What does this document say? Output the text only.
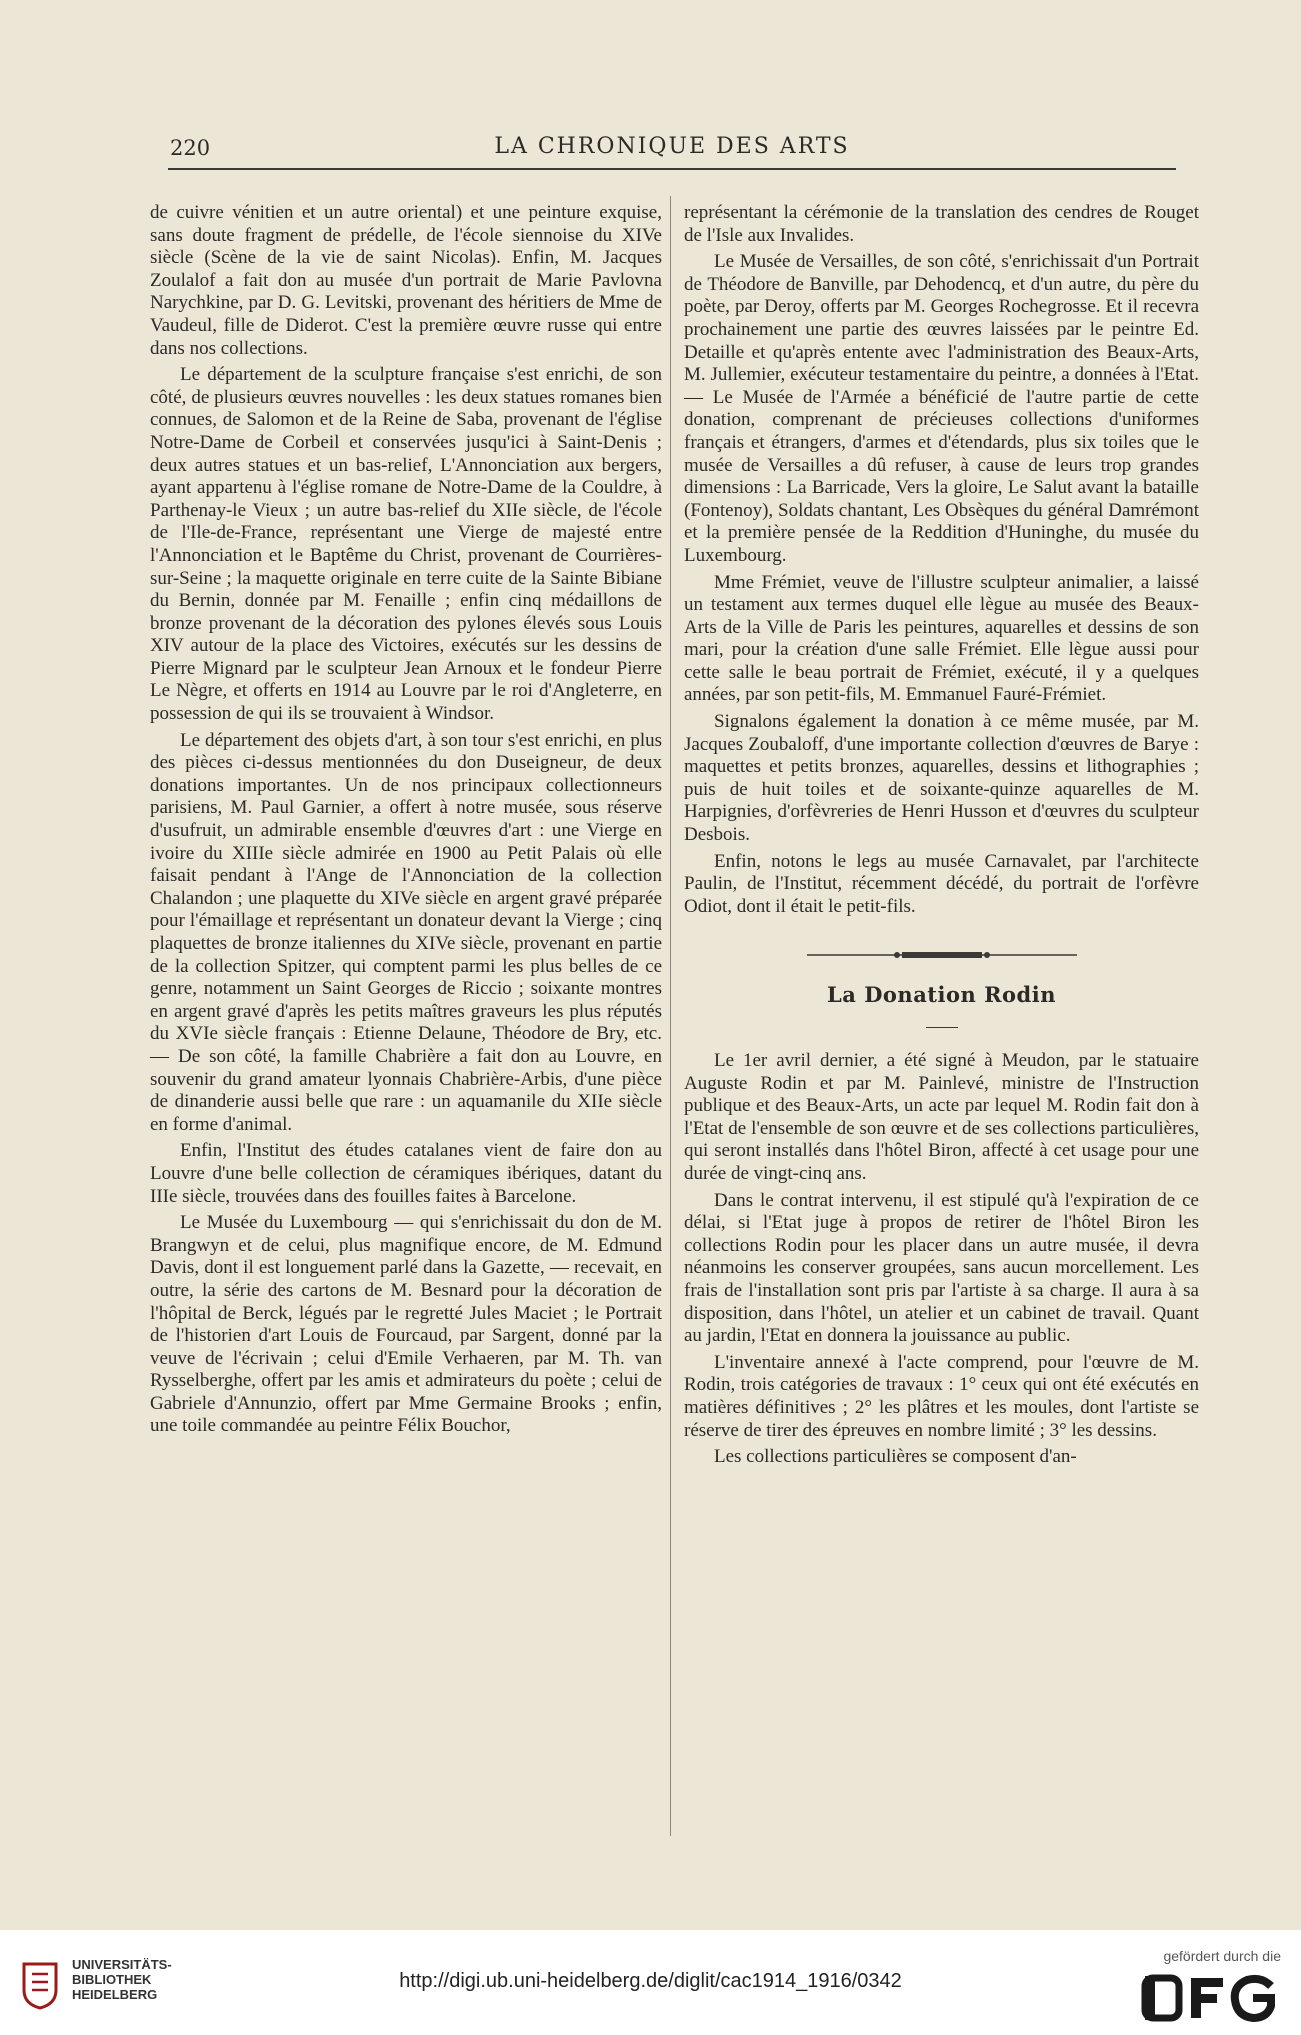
220	LA CHRONIQUE DES ARTS

de cuivre vénitien et un autre oriental) et une peinture exquise, sans doute fragment de prédelle, de l'école siennoise du XIVe siècle (Scène de la vie de saint Nicolas). Enfin, M. Jacques Zoulalof a fait don au musée d'un portrait de Marie Pavlovna Narychkine, par D. G. Levitski, provenant des héritiers de Mme de Vaudeul, fille de Diderot. C'est la première œuvre russe qui entre dans nos collections.

Le département de la sculpture française s'est enrichi, de son côté, de plusieurs œuvres nouvelles : les deux statues romanes bien connues, de Salomon et de la Reine de Saba, provenant de l'église Notre-Dame de Corbeil et conservées jusqu'ici à Saint-Denis ; deux autres statues et un bas-relief, L'Annonciation aux bergers, ayant appartenu à l'église romane de Notre-Dame de la Couldre, à Parthenay-le Vieux ; un autre bas-relief du XIIe siècle, de l'école de l'Ile-de-France, représentant une Vierge de majesté entre l'Annonciation et le Baptême du Christ, provenant de Courrières-sur-Seine ; la maquette originale en terre cuite de la Sainte Bibiane du Bernin, donnée par M. Fenaille ; enfin cinq médaillons de bronze provenant de la décoration des pylones élevés sous Louis XIV autour de la place des Victoires, exécutés sur les dessins de Pierre Mignard par le sculpteur Jean Arnoux et le fondeur Pierre Le Nègre, et offerts en 1914 au Louvre par le roi d'Angleterre, en possession de qui ils se trouvaient à Windsor.

Le département des objets d'art, à son tour s'est enrichi, en plus des pièces ci-dessus mentionnées du don Duseigneur, de deux donations importantes. Un de nos principaux collectionneurs parisiens, M. Paul Garnier, a offert à notre musée, sous réserve d'usufruit, un admirable ensemble d'œuvres d'art : une Vierge en ivoire du XIIIe siècle admirée en 1900 au Petit Palais où elle faisait pendant à l'Ange de l'Annonciation de la collection Chalandon ; une plaquette du XIVe siècle en argent gravé préparée pour l'émaillage et représentant un donateur devant la Vierge ; cinq plaquettes de bronze italiennes du XIVe siècle, provenant en partie de la collection Spitzer, qui comptent parmi les plus belles de ce genre, notamment un Saint Georges de Riccio ; soixante montres en argent gravé d'après les petits maîtres graveurs les plus réputés du XVIe siècle français : Etienne Delaune, Théodore de Bry, etc. — De son côté, la famille Chabrière a fait don au Louvre, en souvenir du grand amateur lyonnais Chabrière-Arbis, d'une pièce de dinanderie aussi belle que rare : un aquamanile du XIIe siècle en forme d'animal.

Enfin, l'Institut des études catalanes vient de faire don au Louvre d'une belle collection de céramiques ibériques, datant du IIIe siècle, trouvées dans des fouilles faites à Barcelone.

Le Musée du Luxembourg — qui s'enrichissait du don de M. Brangwyn et de celui, plus magnifique encore, de M. Edmund Davis, dont il est longuement parlé dans la Gazette, — recevait, en outre, la série des cartons de M. Besnard pour la décoration de l'hôpital de Berck, légués par le regretté Jules Maciet ; le Portrait de l'historien d'art Louis de Fourcaud, par Sargent, donné par la veuve de l'écrivain ; celui d'Emile Verhaeren, par M. Th. van Rysselberghe, offert par les amis et admirateurs du poète ; celui de Gabriele d'Annunzio, offert par Mme Germaine Brooks ; enfin, une toile commandée au peintre Félix Bouchor,

représentant la cérémonie de la translation des cendres de Rouget de l'Isle aux Invalides.

Le Musée de Versailles, de son côté, s'enrichissait d'un Portrait de Théodore de Banville, par Dehodencq, et d'un autre, du père du poète, par Deroy, offerts par M. Georges Rochegrosse. Et il recevra prochainement une partie des œuvres laissées par le peintre Ed. Detaille et qu'après entente avec l'administration des Beaux-Arts, M. Jullemier, exécuteur testamentaire du peintre, a données à l'Etat. — Le Musée de l'Armée a bénéficié de l'autre partie de cette donation, comprenant de précieuses collections d'uniformes français et étrangers, d'armes et d'étendards, plus six toiles que le musée de Versailles a dû refuser, à cause de leurs trop grandes dimensions : La Barricade, Vers la gloire, Le Salut avant la bataille (Fontenoy), Soldats chantant, Les Obsèques du général Damrémont et la première pensée de la Reddition d'Huninghe, du musée du Luxembourg.

Mme Frémiet, veuve de l'illustre sculpteur animalier, a laissé un testament aux termes duquel elle lègue au musée des Beaux-Arts de la Ville de Paris les peintures, aquarelles et dessins de son mari, pour la création d'une salle Frémiet. Elle lègue aussi pour cette salle le beau portrait de Frémiet, exécuté, il y a quelques années, par son petit-fils, M. Emmanuel Fauré-Frémiet.

Signalons également la donation à ce même musée, par M. Jacques Zoubaloff, d'une importante collection d'œuvres de Barye : maquettes et petits bronzes, aquarelles, dessins et lithographies ; puis de huit toiles et de soixante-quinze aquarelles de M. Harpignies, d'orfèvreries de Henri Husson et d'œuvres du sculpteur Desbois.

Enfin, notons le legs au musée Carnavalet, par l'architecte Paulin, de l'Institut, récemment décédé, du portrait de l'orfèvre Odiot, dont il était le petit-fils.

La Donation Rodin

Le 1er avril dernier, a été signé à Meudon, par le statuaire Auguste Rodin et par M. Painlevé, ministre de l'Instruction publique et des Beaux-Arts, un acte par lequel M. Rodin fait don à l'Etat de l'ensemble de son œuvre et de ses collections particulières, qui seront installés dans l'hôtel Biron, affecté à cet usage pour une durée de vingt-cinq ans.

Dans le contrat intervenu, il est stipulé qu'à l'expiration de ce délai, si l'Etat juge à propos de retirer de l'hôtel Biron les collections Rodin pour les placer dans un autre musée, il devra néanmoins les conserver groupées, sans aucun morcellement. Les frais de l'installation sont pris par l'artiste à sa charge. Il aura à sa disposition, dans l'hôtel, un atelier et un cabinet de travail. Quant au jardin, l'Etat en donnera la jouissance au public.

L'inventaire annexé à l'acte comprend, pour l'œuvre de M. Rodin, trois catégories de travaux : 1° ceux qui ont été exécutés en matières définitives ; 2° les plâtres et les moules, dont l'artiste se réserve de tirer des épreuves en nombre limité ; 3° les dessins.

Les collections particulières se composent d'an-

UNIVERSITÄTS-
BIBLIOTHEK
HEIDELBERG
http://digi.ub.uni-heidelberg.de/diglit/cac1914_1916/0342
gefördert durch die
